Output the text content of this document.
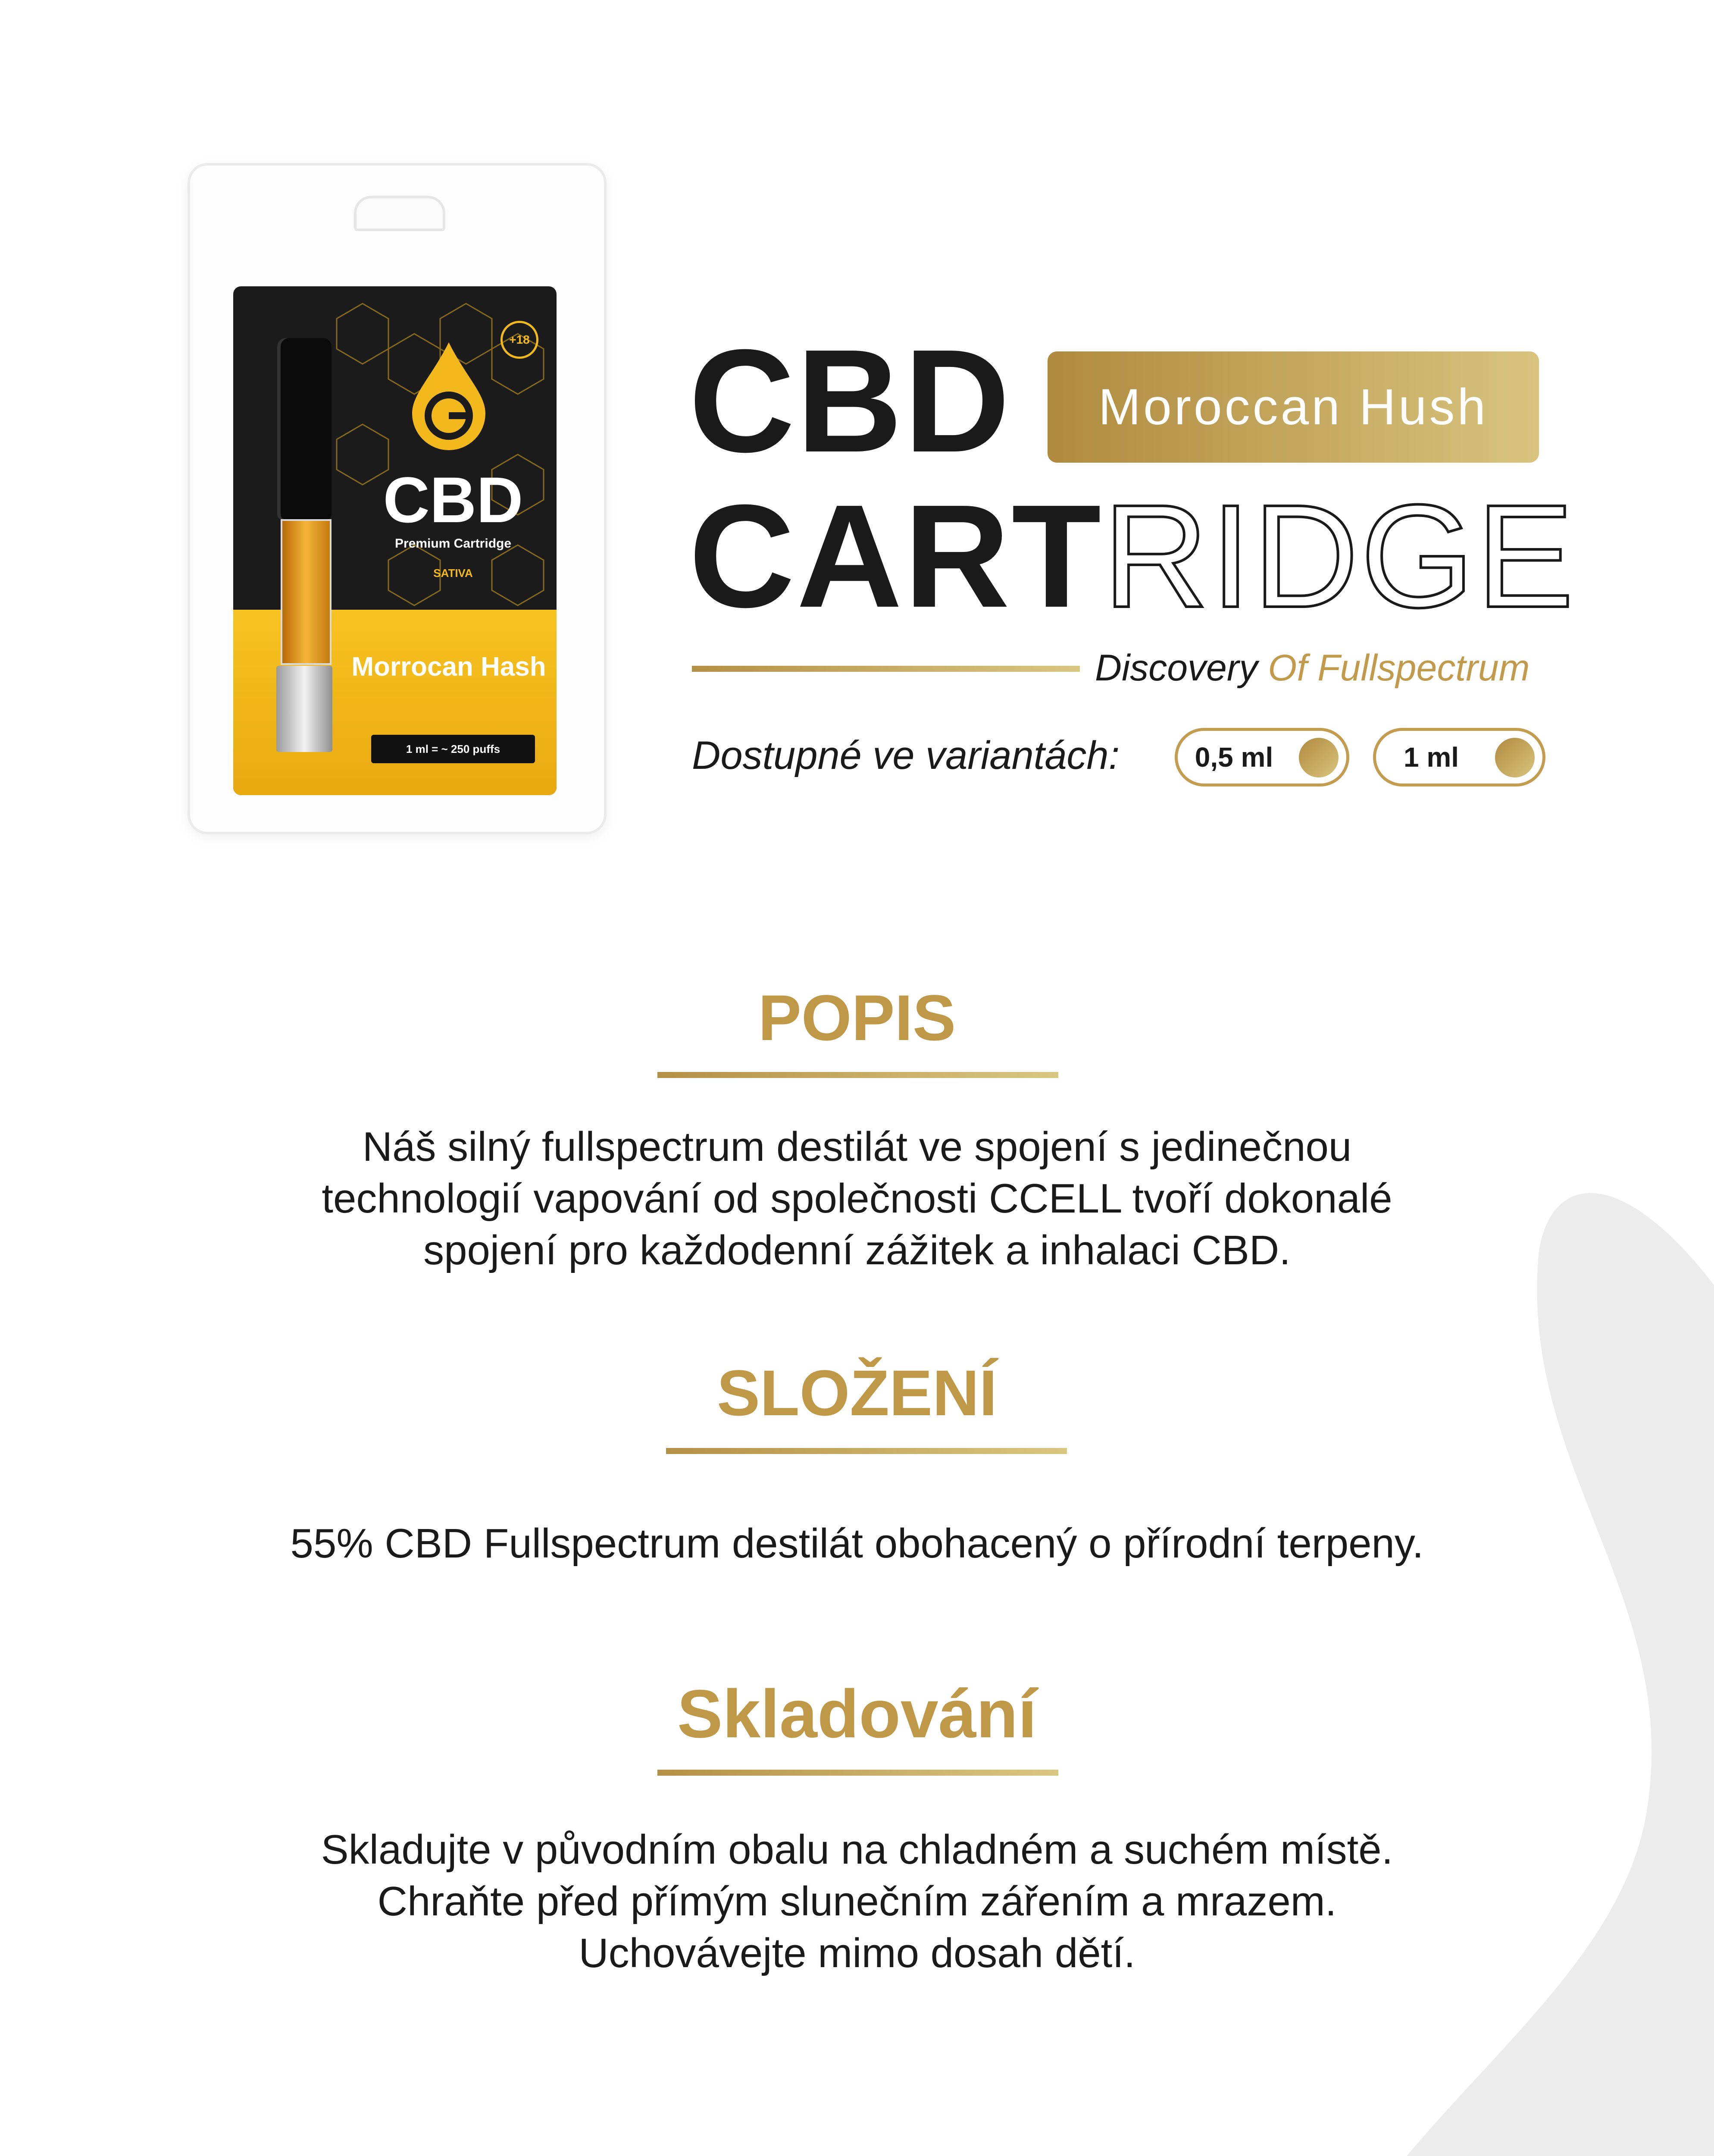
+18
CBD
Premium Cartridge
SATIVA
Morrocan Hash
1 ml = ~ 250 puffs
CBD	Moroccan Hush
CARTRIDGE
Discovery Of Fullspectrum
Dostupné ve variantách:	0,5 ml	1 ml
POPIS
Náš silný fullspectrum destilát ve spojení s jedinečnou
technologií vapování od společnosti CCELL tvoří dokonalé
spojení pro každodenní zážitek a inhalaci CBD.
SLOŽENÍ
55% CBD Fullspectrum destilát obohacený o přírodní terpeny.
Skladování
Skladujte v původním obalu na chladném a suchém místě.
Chraňte před přímým slunečním zářením a mrazem.
Uchovávejte mimo dosah dětí.
